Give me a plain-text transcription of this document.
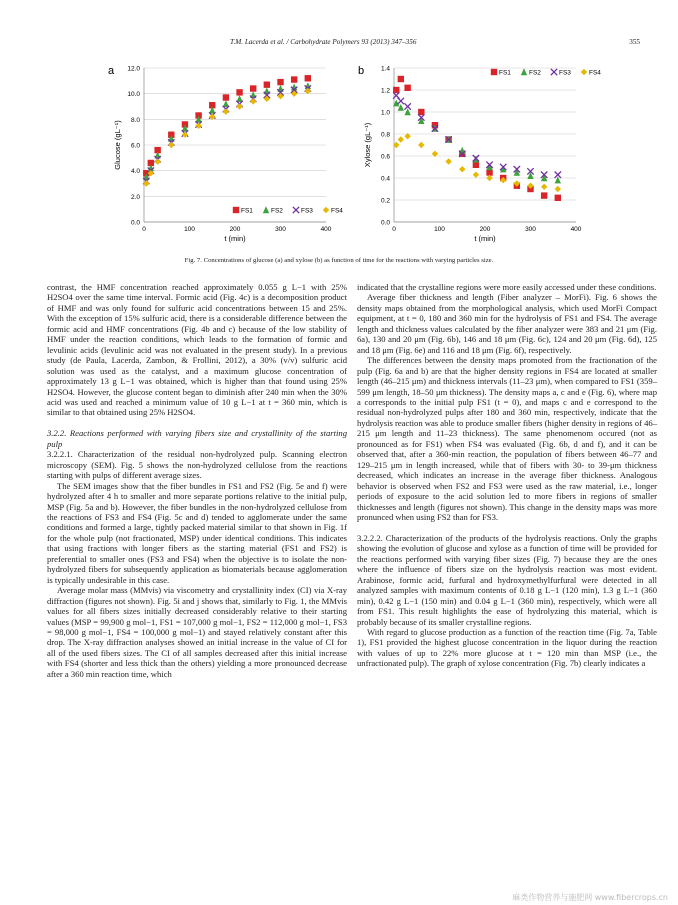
T.M. Lacerda et al. / Carbohydrate Polymers 93 (2013) 347–356	355
a
0.0
2.0
4.0
6.0
8.0
10.0
12.0
0	100	200	300	400
t (min)
Glucose (gL⁻¹)
FS1	FS2	FS3	FS4
b
0.0
0.2
0.4
0.6
0.8
1.0
1.2
1.4
0	100	200	300	400
t (min)
Xylose (gL⁻¹)
FS1	FS2	FS3	FS4
Fig. 7. Concentrations of glucose (a) and xylose (b) as function of time for the reactions with varying particles size.

contrast, the HMF concentration reached approximately 0.055 g L−1 with 25% H2SO4 over the same time interval. Formic acid (Fig. 4c) is a decomposition product of HMF and was only found for sulfuric acid concentrations between 15 and 25%. With the exception of 15% sulfuric acid, there is a considerable difference between the formic acid and HMF concentrations (Fig. 4b and c) because of the low stability of HMF under the reaction conditions, which leads to the formation of formic and levulinic acids (levulinic acid was not evaluated in the present study). In a previous study (de Paula, Lacerda, Zambon, & Frollini, 2012), a 30% (v/v) sulfuric acid solution was used as the catalyst, and a maximum glucose concentration of approximately 13 g L−1 was obtained, which is higher than that found using 25% H2SO4. However, the glucose content began to diminish after 240 min when the 30% acid was used and reached a minimum value of 10 g L−1 at t = 360 min, which is similar to that obtained using 25% H2SO4.

3.2.2. Reactions performed with varying fibers size and crystallinity of the starting pulp

3.2.2.1. Characterization of the residual non-hydrolyzed pulp. Scanning electron microscopy (SEM). Fig. 5 shows the non-hydrolyzed cellulose from the reactions starting with pulps of different average sizes.

The SEM images show that the fiber bundles in FS1 and FS2 (Fig. 5e and f) were hydrolyzed after 4 h to smaller and more separate portions relative to the initial pulp, MSP (Fig. 5a and b). However, the fiber bundles in the non-hydrolyzed cellulose from the reactions of FS3 and FS4 (Fig. 5c and d) tended to agglomerate under the same conditions and formed a large, tightly packed material similar to that shown in Fig. 1f for the whole pulp (not fractionated, MSP) under identical conditions. This indicates that using fractions with longer fibers as the starting material (FS1 and FS2) is preferential to smaller ones (FS3 and FS4) when the objective is to isolate the non-hydrolyzed fibers for subsequently application as biomaterials because agglomeration is typically undesirable in this case.

Average molar mass (MMvis) via viscometry and crystallinity index (CI) via X-ray diffraction (figures not shown). Fig. 5i and j shows that, similarly to Fig. 1, the MMvis values for all fibers sizes initially decreased considerably relative to their starting values (MSP = 99,900 g mol−1, FS1 = 107,000 g mol−1, FS2 = 112,000 g mol−1, FS3 = 98,000 g mol−1, FS4 = 100,000 g mol−1) and stayed relatively constant after this drop. The X-ray diffraction analyses showed an initial increase in the value of CI for all of the used fibers sizes. The CI of all samples decreased after this initial increase with FS4 (shorter and less thick than the others) yielding a more pronounced decrease after a 360 min reaction time, which

indicated that the crystalline regions were more easily accessed under these conditions.

Average fiber thickness and length (Fiber analyzer – MorFi). Fig. 6 shows the density maps obtained from the morphological analysis, which used MorFi Compact equipment, at t = 0, 180 and 360 min for the hydrolysis of FS1 and FS4. The average length and thickness values calculated by the fiber analyzer were 383 and 21 μm (Fig. 6a), 130 and 20 μm (Fig. 6b), 146 and 18 μm (Fig. 6c), 124 and 20 μm (Fig. 6d), 125 and 18 μm (Fig. 6e) and 116 and 18 μm (Fig. 6f), respectively.

The differences between the density maps promoted from the fractionation of the pulp (Fig. 6a and b) are that the higher density regions in FS4 are located at smaller length (46–215 μm) and thickness intervals (11–23 μm), when compared to FS1 (359–599 μm length, 18–50 μm thickness). The density maps a, c and e (Fig. 6), where map a corresponds to the initial pulp FS1 (t = 0), and maps c and e correspond to the residual non-hydrolyzed pulps after 180 and 360 min, respectively, indicate that the hydrolysis reaction was able to produce smaller fibers (higher density in regions of 46–215 μm length and 11–23 thickness). The same phenomenom occured (not as pronounced as for FS1) when FS4 was evaluated (Fig. 6b, d and f), and it can be observed that, after a 360-min reaction, the population of fibers between 46–77 and 129–215 μm in length increased, while that of fibers with 30- to 39-μm thickness decreased, which indicates an increase in the average fiber thickness. Analogous behavior is observed when FS2 and FS3 were used as the raw material, i.e., longer periods of exposure to the acid solution led to more fibers in regions of smaller thicknesses and length (figures not shown). This change in the density maps was more pronunced when using FS2 than for FS3.

3.2.2.2. Characterization of the products of the hydrolysis reactions. Only the graphs showing the evolution of glucose and xylose as a function of time will be provided for the reactions performed with varying fiber sizes (Fig. 7) because they are the ones where the influence of fibers size on the hydrolysis reaction was most evident. Arabinose, formic acid, furfural and hydroxymethylfurfural were detected in all analyzed samples with maximum contents of 0.18 g L−1 (120 min), 1.3 g L−1 (360 min), 0.42 g L−1 (150 min) and 0.04 g L−1 (360 min), respectively, which were all from FS1. This result highlights the ease of hydrolyzing this material, which is probably because of its smaller crystalline regions.

With regard to glucose production as a function of the reaction time (Fig. 7a, Table 1), FS1 provided the highest glucose concentration in the liquor during the reaction with values of up to 22% more glucose at t = 120 min than MSP (i.e., the unfractionated pulp). The graph of xylose concentration (Fig. 7b) clearly indicates a

麻类作物营养与施肥网 www.fibercrops.cn
